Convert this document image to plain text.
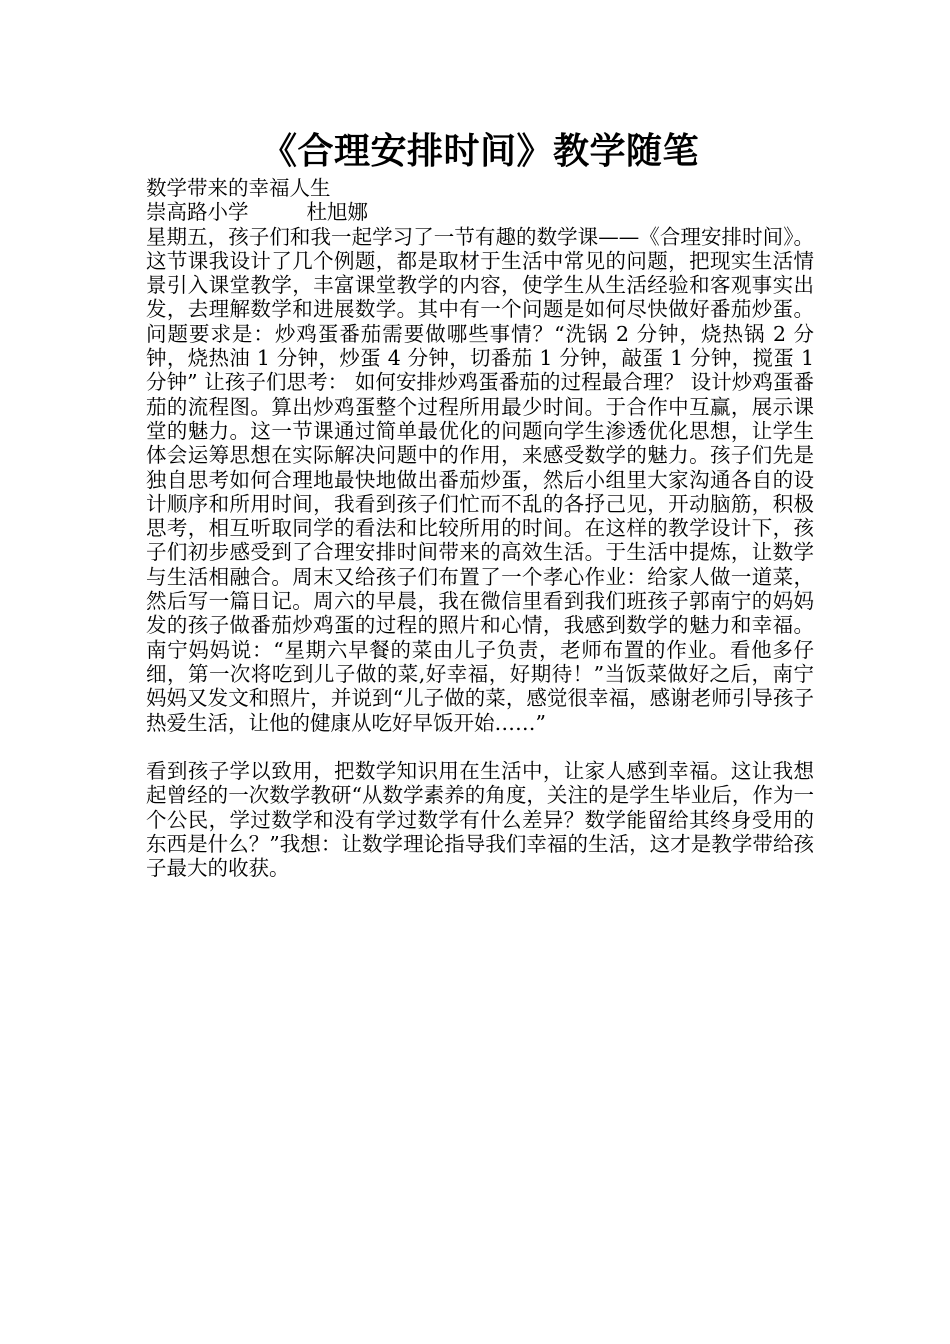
《合理安排时间》教学随笔

数学带来的幸福人生

崇高路小学	杜旭娜

星期五，孩子们和我一起学习了一节有趣的数学课——《合理安排时间》。这节课我设计了几个例题，都是取材于生活中常见的问题，把现实生活情景引入课堂教学，丰富课堂教学的内容，使学生从生活经验和客观事实出发，去理解数学和进展数学。其中有一个问题是如何尽快做好番茄炒蛋。问题要求是：炒鸡蛋番茄需要做哪些事情？“洗锅 2 分钟，烧热锅 2 分钟，烧热油 1 分钟，炒蛋 4 分钟，切番茄 1 分钟，敲蛋 1 分钟，搅蛋 1 分钟” 让孩子们思考： 如何安排炒鸡蛋番茄的过程最合理？ 设计炒鸡蛋番茄的流程图。算出炒鸡蛋整个过程所用最少时间。于合作中互赢，展示课堂的魅力。这一节课通过简单最优化的问题向学生渗透优化思想，让学生体会运筹思想在实际解决问题中的作用，来感受数学的魅力。孩子们先是独自思考如何合理地最快地做出番茄炒蛋，然后小组里大家沟通各自的设计顺序和所用时间，我看到孩子们忙而不乱的各抒己见，开动脑筋，积极思考，相互听取同学的看法和比较所用的时间。在这样的教学设计下，孩子们初步感受到了合理安排时间带来的高效生活。于生活中提炼，让数学与生活相融合。周末又给孩子们布置了一个孝心作业：给家人做一道菜，然后写一篇日记。周六的早晨，我在微信里看到我们班孩子郭南宁的妈妈发的孩子做番茄炒鸡蛋的过程的照片和心情，我感到数学的魅力和幸福。南宁妈妈说：“星期六早餐的菜由儿子负责，老师布置的作业。看他多仔细，第一次将吃到儿子做的菜,好幸福，好期待！”当饭菜做好之后，南宁妈妈又发文和照片，并说到“儿子做的菜，感觉很幸福，感谢老师引导孩子热爱生活，让他的健康从吃好早饭开始……”

看到孩子学以致用，把数学知识用在生活中，让家人感到幸福。这让我想起曾经的一次数学教研“从数学素养的角度，关注的是学生毕业后，作为一个公民，学过数学和没有学过数学有什么差异？数学能留给其终身受用的东西是什么？”我想：让数学理论指导我们幸福的生活，这才是教学带给孩子最大的收获。
